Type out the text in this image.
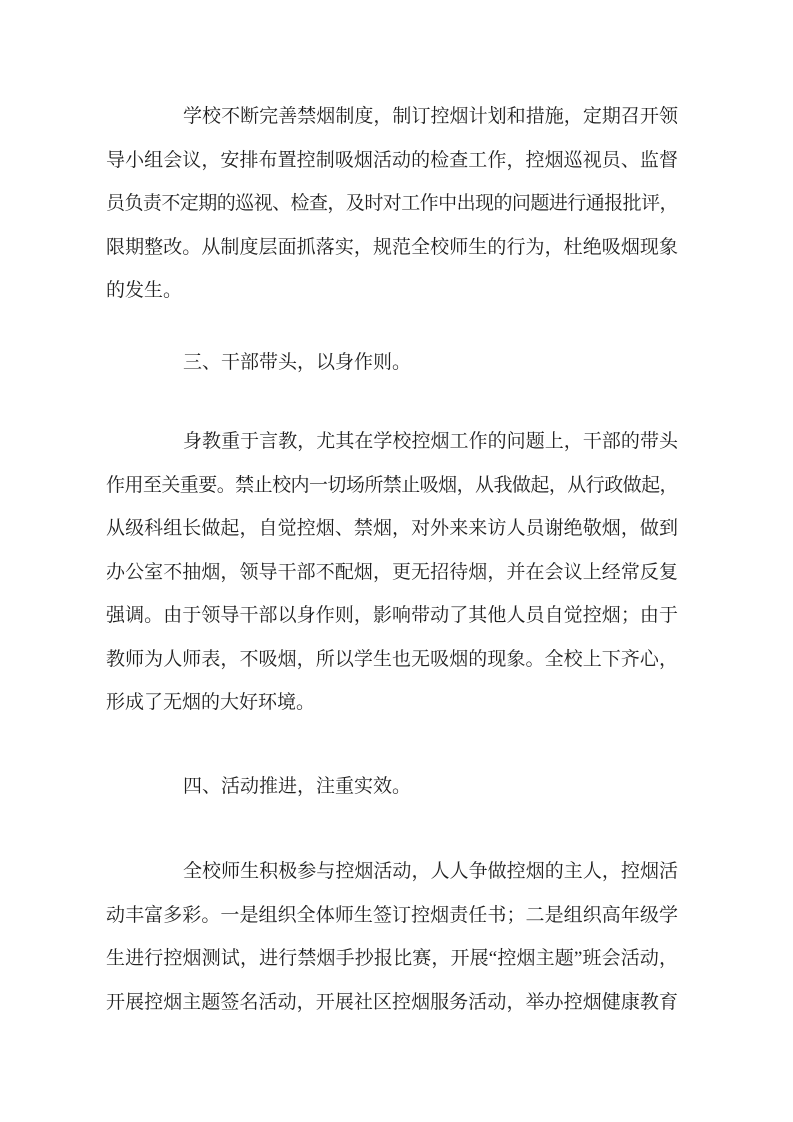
学校不断完善禁烟制度，制订控烟计划和措施，定期召开领
导小组会议，安排布置控制吸烟活动的检查工作，控烟巡视员、监督
员负责不定期的巡视、检查，及时对工作中出现的问题进行通报批评，
限期整改。从制度层面抓落实，规范全校师生的行为，杜绝吸烟现象
的发生。
三、干部带头，以身作则。
身教重于言教，尤其在学校控烟工作的问题上，干部的带头
作用至关重要。禁止校内一切场所禁止吸烟，从我做起，从行政做起，
从级科组长做起，自觉控烟、禁烟，对外来来访人员谢绝敬烟，做到
办公室不抽烟，领导干部不配烟，更无招待烟，并在会议上经常反复
强调。由于领导干部以身作则，影响带动了其他人员自觉控烟；由于
教师为人师表，不吸烟，所以学生也无吸烟的现象。全校上下齐心，
形成了无烟的大好环境。
四、活动推进，注重实效。
全校师生积极参与控烟活动，人人争做控烟的主人，控烟活
动丰富多彩。一是组织全体师生签订控烟责任书；二是组织高年级学
生进行控烟测试，进行禁烟手抄报比赛，开展“控烟主题”班会活动，
开展控烟主题签名活动，开展社区控烟服务活动，举办控烟健康教育
